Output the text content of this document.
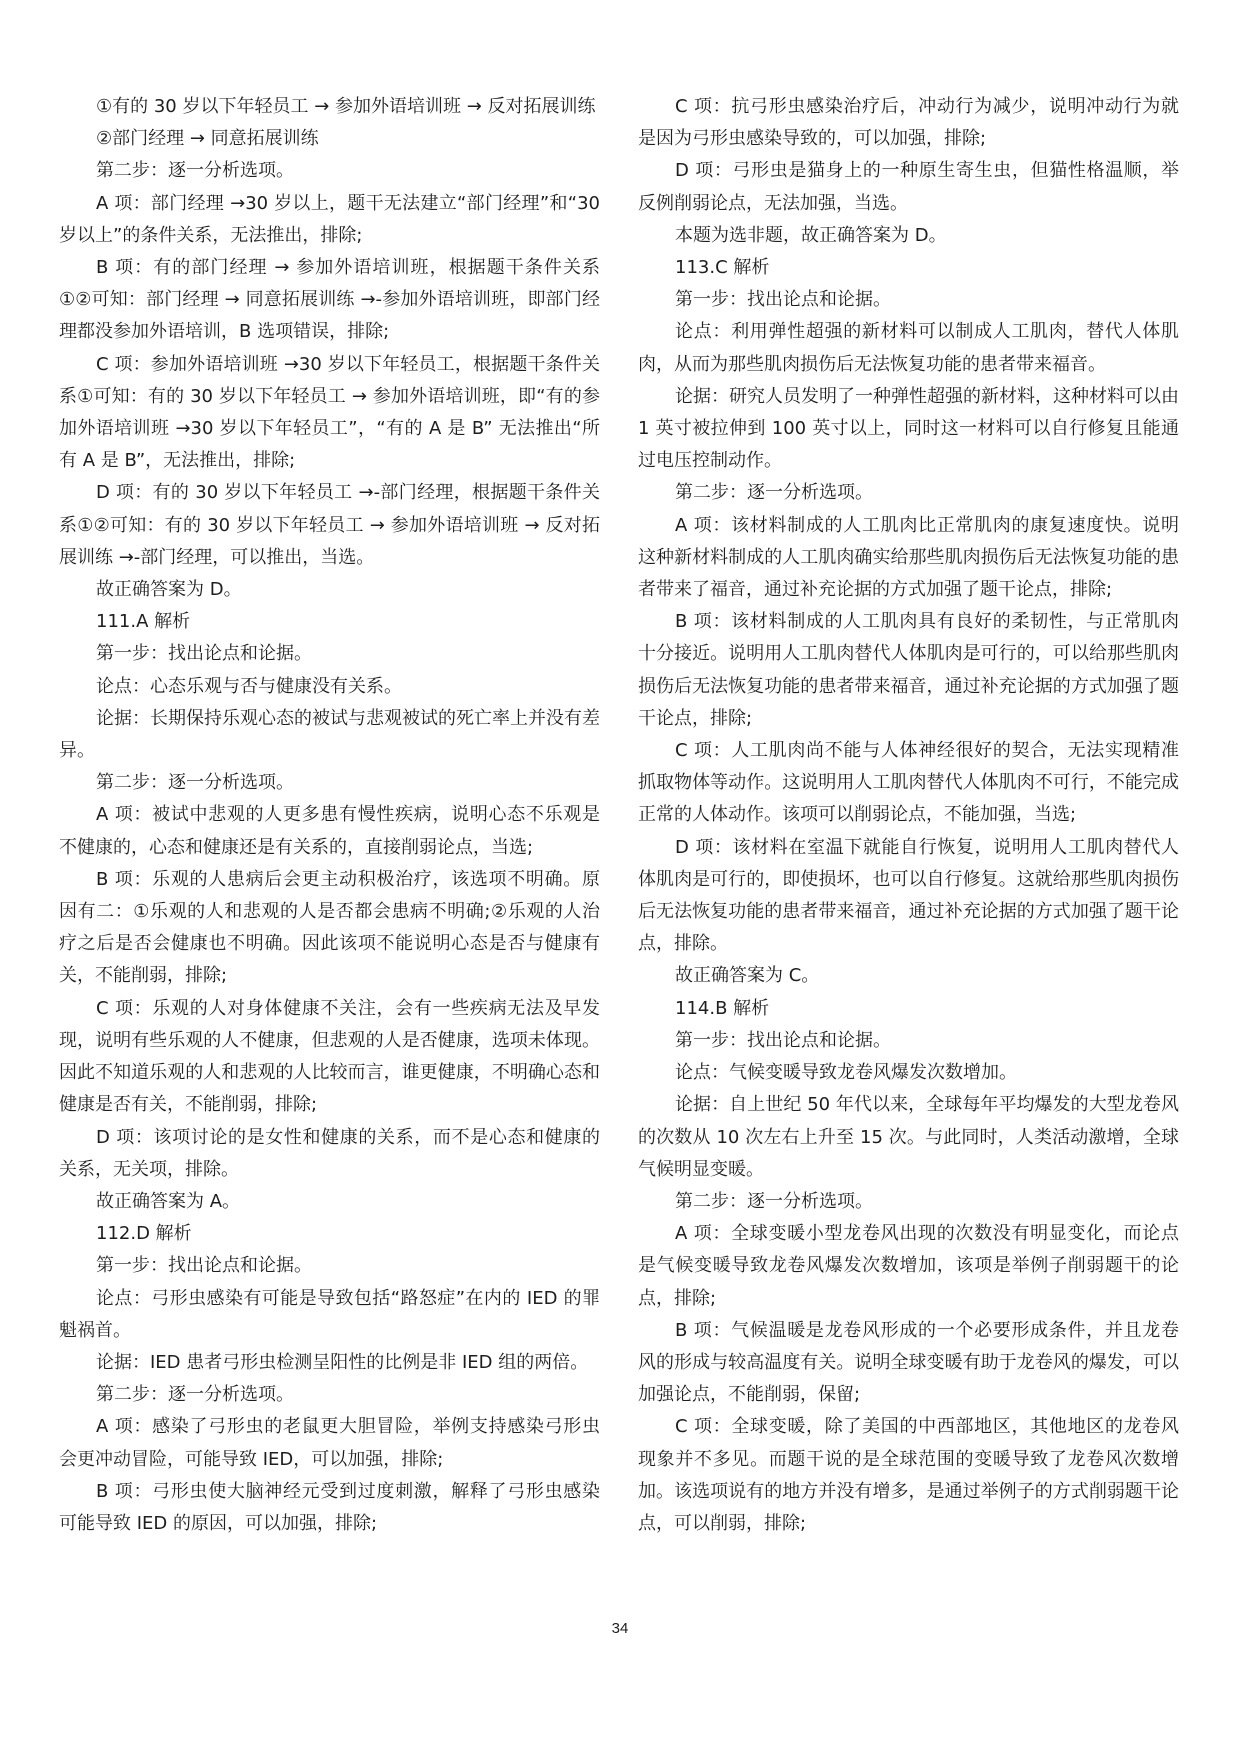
①有的 30 岁以下年轻员工 → 参加外语培训班 → 反对拓展训练

②部门经理 → 同意拓展训练

第二步：逐一分析选项。

A 项：部门经理 →30 岁以上，题干无法建立“部门经理”和“30 岁以上”的条件关系，无法推出，排除;

B 项：有的部门经理 → 参加外语培训班，根据题干条件关系①②可知：部门经理 → 同意拓展训练 →-参加外语培训班，即部门经理都没参加外语培训，B 选项错误，排除;

C 项：参加外语培训班 →30 岁以下年轻员工，根据题干条件关系①可知：有的 30 岁以下年轻员工 → 参加外语培训班，即“有的参加外语培训班 →30 岁以下年轻员工”，“有的 A 是 B” 无法推出“所有 A 是 B”，无法推出，排除;

D 项：有的 30 岁以下年轻员工 →-部门经理，根据题干条件关系①②可知：有的 30 岁以下年轻员工 → 参加外语培训班 → 反对拓展训练 →-部门经理，可以推出，当选。

故正确答案为 D。

111.A 解析

第一步：找出论点和论据。

论点：心态乐观与否与健康没有关系。

论据：长期保持乐观心态的被试与悲观被试的死亡率上并没有差异。

第二步：逐一分析选项。

A 项：被试中悲观的人更多患有慢性疾病，说明心态不乐观是不健康的，心态和健康还是有关系的，直接削弱论点，当选;

B 项：乐观的人患病后会更主动积极治疗，该选项不明确。原因有二：①乐观的人和悲观的人是否都会患病不明确;②乐观的人治疗之后是否会健康也不明确。因此该项不能说明心态是否与健康有关，不能削弱，排除;

C 项：乐观的人对身体健康不关注，会有一些疾病无法及早发现，说明有些乐观的人不健康，但悲观的人是否健康，选项未体现。因此不知道乐观的人和悲观的人比较而言，谁更健康，不明确心态和健康是否有关，不能削弱，排除;

D 项：该项讨论的是女性和健康的关系，而不是心态和健康的关系，无关项，排除。

故正确答案为 A。

112.D 解析

第一步：找出论点和论据。

论点：弓形虫感染有可能是导致包括“路怒症”在内的 IED 的罪魁祸首。

论据：IED 患者弓形虫检测呈阳性的比例是非 IED 组的两倍。

第二步：逐一分析选项。

A 项：感染了弓形虫的老鼠更大胆冒险，举例支持感染弓形虫会更冲动冒险，可能导致 IED，可以加强，排除;

B 项：弓形虫使大脑神经元受到过度刺激，解释了弓形虫感染可能导致 IED 的原因，可以加强，排除;

C 项：抗弓形虫感染治疗后，冲动行为减少，说明冲动行为就是因为弓形虫感染导致的，可以加强，排除;

D 项：弓形虫是猫身上的一种原生寄生虫，但猫性格温顺，举反例削弱论点，无法加强，当选。

本题为选非题，故正确答案为 D。

113.C 解析

第一步：找出论点和论据。

论点：利用弹性超强的新材料可以制成人工肌肉，替代人体肌肉，从而为那些肌肉损伤后无法恢复功能的患者带来福音。

论据：研究人员发明了一种弹性超强的新材料，这种材料可以由 1 英寸被拉伸到 100 英寸以上，同时这一材料可以自行修复且能通过电压控制动作。

第二步：逐一分析选项。

A 项：该材料制成的人工肌肉比正常肌肉的康复速度快。说明这种新材料制成的人工肌肉确实给那些肌肉损伤后无法恢复功能的患者带来了福音，通过补充论据的方式加强了题干论点，排除;

B 项：该材料制成的人工肌肉具有良好的柔韧性，与正常肌肉十分接近。说明用人工肌肉替代人体肌肉是可行的，可以给那些肌肉损伤后无法恢复功能的患者带来福音，通过补充论据的方式加强了题干论点，排除;

C 项：人工肌肉尚不能与人体神经很好的契合，无法实现精准抓取物体等动作。这说明用人工肌肉替代人体肌肉不可行，不能完成正常的人体动作。该项可以削弱论点，不能加强，当选;

D 项：该材料在室温下就能自行恢复，说明用人工肌肉替代人体肌肉是可行的，即使损坏，也可以自行修复。这就给那些肌肉损伤后无法恢复功能的患者带来福音，通过补充论据的方式加强了题干论点，排除。

故正确答案为 C。

114.B 解析

第一步：找出论点和论据。

论点：气候变暖导致龙卷风爆发次数增加。

论据：自上世纪 50 年代以来，全球每年平均爆发的大型龙卷风的次数从 10 次左右上升至 15 次。与此同时，人类活动激增，全球气候明显变暖。

第二步：逐一分析选项。

A 项：全球变暖小型龙卷风出现的次数没有明显变化，而论点是气候变暖导致龙卷风爆发次数增加，该项是举例子削弱题干的论点，排除;

B 项：气候温暖是龙卷风形成的一个必要形成条件，并且龙卷风的形成与较高温度有关。说明全球变暖有助于龙卷风的爆发，可以加强论点，不能削弱，保留;

C 项：全球变暖，除了美国的中西部地区，其他地区的龙卷风现象并不多见。而题干说的是全球范围的变暖导致了龙卷风次数增加。该选项说有的地方并没有增多，是通过举例子的方式削弱题干论点，可以削弱，排除;

34
